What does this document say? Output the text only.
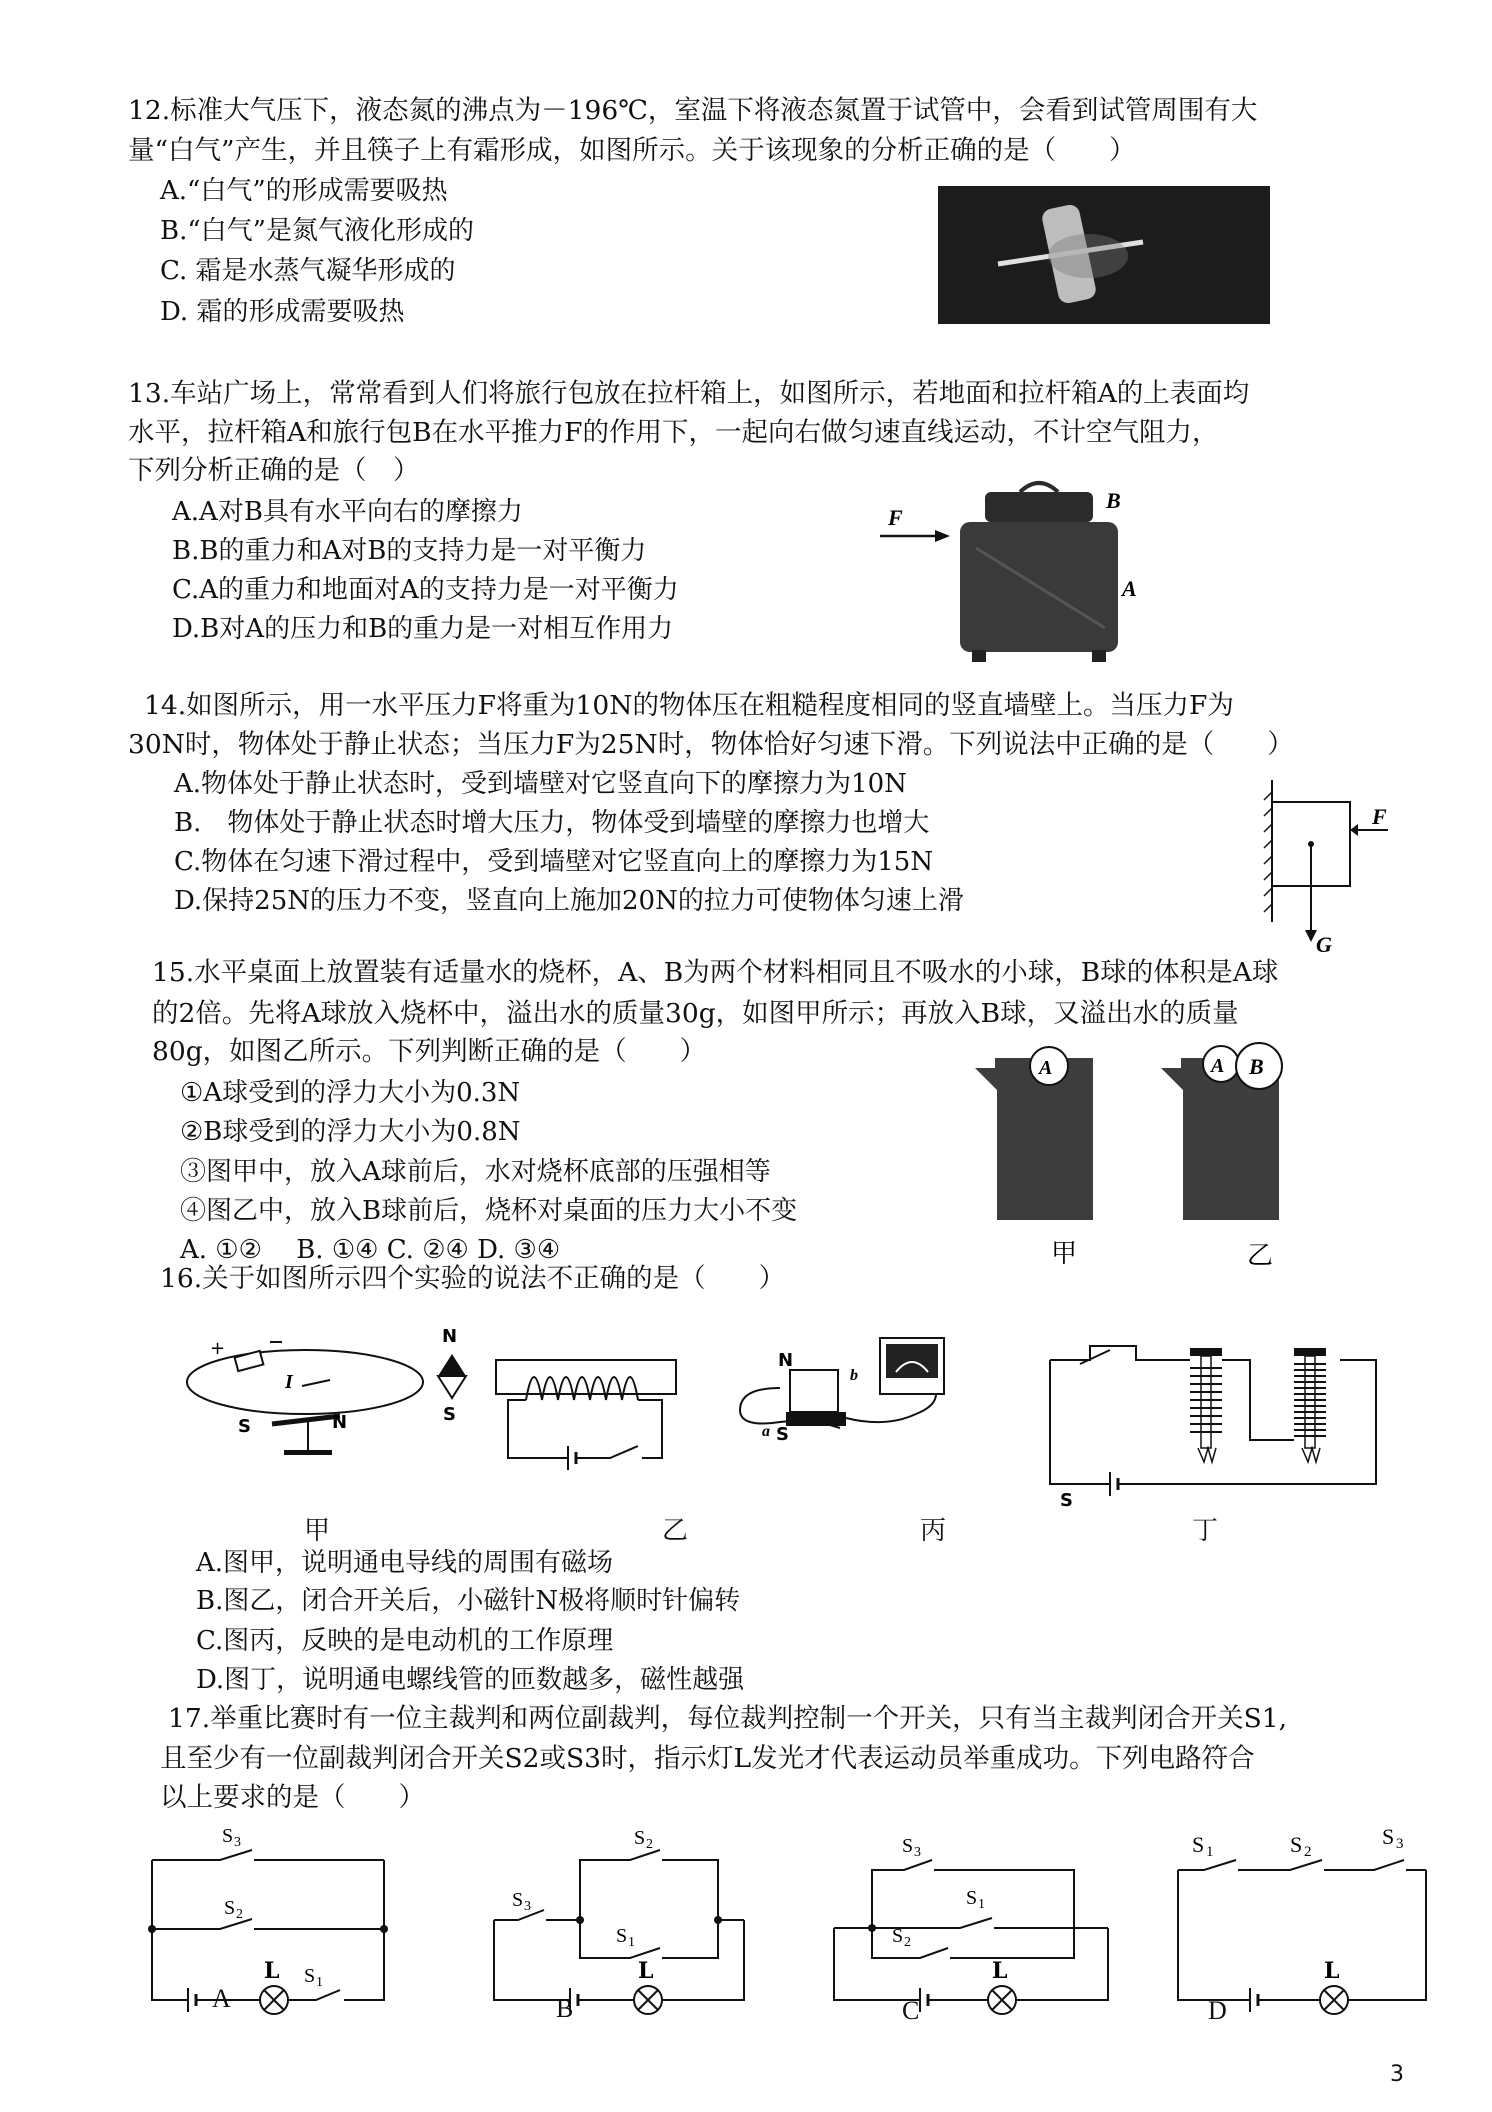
12.标准大气压下，液态氮的沸点为－196℃，室温下将液态氮置于试管中，会看到试管周围有大
量“白气”产生，并且筷子上有霜形成，如图所示。关于该现象的分析正确的是（　　）
A.“白气”的形成需要吸热
B.“白气”是氮气液化形成的
C. 霜是水蒸气凝华形成的
D. 霜的形成需要吸热
13.车站广场上，常常看到人们将旅行包放在拉杆箱上，如图所示，若地面和拉杆箱A的上表面均
水平，拉杆箱A和旅行包B在水平推力F的作用下，一起向右做匀速直线运动，不计空气阻力，
下列分析正确的是（　）
A.A对B具有水平向右的摩擦力
B.B的重力和A对B的支持力是一对平衡力
C.A的重力和地面对A的支持力是一对平衡力
D.B对A的压力和B的重力是一对相互作用力
F
B
A
14.如图所示，用一水平压力F将重为10N的物体压在粗糙程度相同的竖直墙壁上。当压力F为
30N时，物体处于静止状态；当压力F为25N时，物体恰好匀速下滑。下列说法中正确的是（　　）
A.物体处于静止状态时，受到墙壁对它竖直向下的摩擦力为10N
B.　物体处于静止状态时增大压力，物体受到墙壁的摩擦力也增大
C.物体在匀速下滑过程中，受到墙壁对它竖直向上的摩擦力为15N
D.保持25N的压力不变，竖直向上施加20N的拉力可使物体匀速上滑
F
G
15.水平桌面上放置装有适量水的烧杯，A、B为两个材料相同且不吸水的小球，B球的体积是A球
的2倍。先将A球放入烧杯中，溢出水的质量30g，如图甲所示；再放入B球，又溢出水的质量
80g，如图乙所示。下列判断正确的是（　　）
①A球受到的浮力大小为0.3N
②B球受到的浮力大小为0.8N
③图甲中，放入A球前后，水对烧杯底部的压强相等
④图乙中，放入B球前后，烧杯对桌面的压力大小不变
A. ①②　 B. ①④ C. ②④ D. ③④
A	A B
甲	乙
16.关于如图所示四个实验的说法不正确的是（　　）
+
I
S	N
N
S
N
S
a
b
S
甲	乙	丙	丁
A.图甲，说明通电导线的周围有磁场
B.图乙，闭合开关后，小磁针N极将顺时针偏转
C.图丙，反映的是电动机的工作原理
D.图丁，说明通电螺线管的匝数越多，磁性越强
17.举重比赛时有一位主裁判和两位副裁判，每位裁判控制一个开关，只有当主裁判闭合开关S1,
且至少有一位副裁判闭合开关S2或S3时，指示灯L发光才代表运动员举重成功。下列电路符合
以上要求的是（　　）
L S 1
S 3
S 2
L
S 3
S 2
S 1
L
S 3
S 1
S 2
L
S 1	S 2
S 3
A	B	C	D
3
